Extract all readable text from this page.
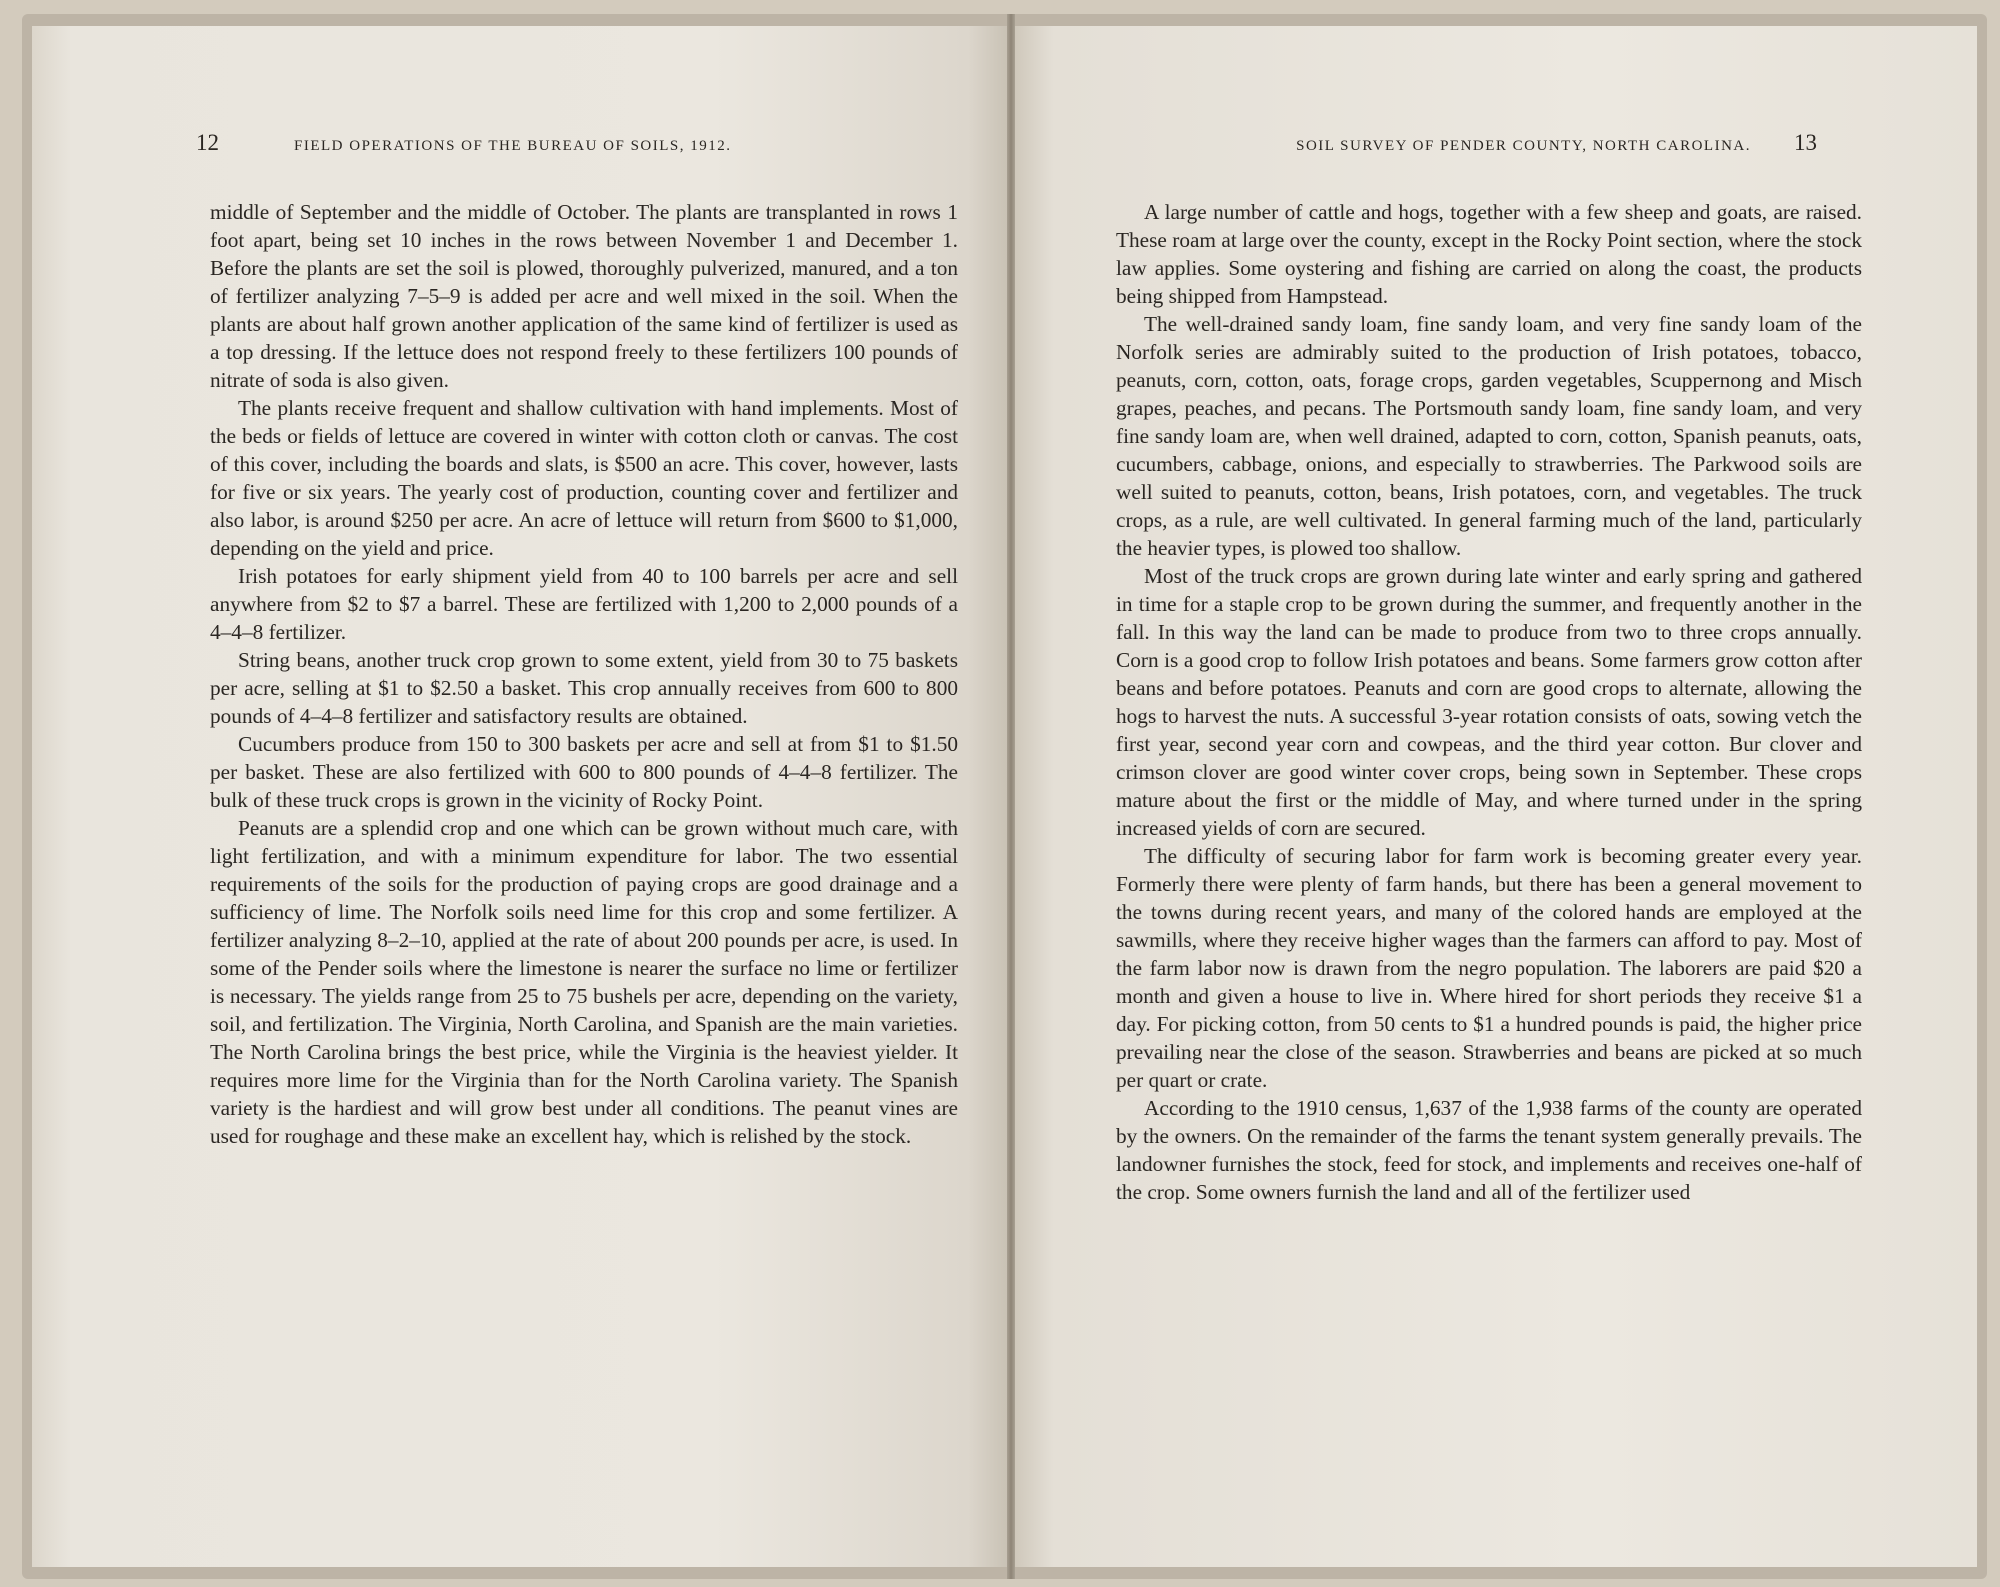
12	FIELD OPERATIONS OF THE BUREAU OF SOILS, 1912.

middle of September and the middle of October. The plants are transplanted in rows 1 foot apart, being set 10 inches in the rows between November 1 and December 1. Before the plants are set the soil is plowed, thoroughly pulverized, manured, and a ton of fertilizer analyzing 7–5–9 is added per acre and well mixed in the soil. When the plants are about half grown another application of the same kind of fertilizer is used as a top dressing. If the lettuce does not respond freely to these fertilizers 100 pounds of nitrate of soda is also given.

The plants receive frequent and shallow cultivation with hand implements. Most of the beds or fields of lettuce are covered in winter with cotton cloth or canvas. The cost of this cover, including the boards and slats, is $500 an acre. This cover, however, lasts for five or six years. The yearly cost of production, counting cover and fertilizer and also labor, is around $250 per acre. An acre of lettuce will return from $600 to $1,000, depending on the yield and price.

Irish potatoes for early shipment yield from 40 to 100 barrels per acre and sell anywhere from $2 to $7 a barrel. These are fertilized with 1,200 to 2,000 pounds of a 4–4–8 fertilizer.

String beans, another truck crop grown to some extent, yield from 30 to 75 baskets per acre, selling at $1 to $2.50 a basket. This crop annually receives from 600 to 800 pounds of 4–4–8 fertilizer and satisfactory results are obtained.

Cucumbers produce from 150 to 300 baskets per acre and sell at from $1 to $1.50 per basket. These are also fertilized with 600 to 800 pounds of 4–4–8 fertilizer. The bulk of these truck crops is grown in the vicinity of Rocky Point.

Peanuts are a splendid crop and one which can be grown without much care, with light fertilization, and with a minimum expenditure for labor. The two essential requirements of the soils for the production of paying crops are good drainage and a sufficiency of lime. The Norfolk soils need lime for this crop and some fertilizer. A fertilizer analyzing 8–2–10, applied at the rate of about 200 pounds per acre, is used. In some of the Pender soils where the limestone is nearer the surface no lime or fertilizer is necessary. The yields range from 25 to 75 bushels per acre, depending on the variety, soil, and fertilization. The Virginia, North Carolina, and Spanish are the main varieties. The North Carolina brings the best price, while the Virginia is the heaviest yielder. It requires more lime for the Virginia than for the North Carolina variety. The Spanish variety is the hardiest and will grow best under all conditions. The peanut vines are used for roughage and these make an excellent hay, which is relished by the stock.

SOIL SURVEY OF PENDER COUNTY, NORTH CAROLINA. 13

A large number of cattle and hogs, together with a few sheep and goats, are raised. These roam at large over the county, except in the Rocky Point section, where the stock law applies. Some oystering and fishing are carried on along the coast, the products being shipped from Hampstead.

The well-drained sandy loam, fine sandy loam, and very fine sandy loam of the Norfolk series are admirably suited to the production of Irish potatoes, tobacco, peanuts, corn, cotton, oats, forage crops, garden vegetables, Scuppernong and Misch grapes, peaches, and pecans. The Portsmouth sandy loam, fine sandy loam, and very fine sandy loam are, when well drained, adapted to corn, cotton, Spanish peanuts, oats, cucumbers, cabbage, onions, and especially to strawberries. The Parkwood soils are well suited to peanuts, cotton, beans, Irish potatoes, corn, and vegetables. The truck crops, as a rule, are well cultivated. In general farming much of the land, particularly the heavier types, is plowed too shallow.

Most of the truck crops are grown during late winter and early spring and gathered in time for a staple crop to be grown during the summer, and frequently another in the fall. In this way the land can be made to produce from two to three crops annually. Corn is a good crop to follow Irish potatoes and beans. Some farmers grow cotton after beans and before potatoes. Peanuts and corn are good crops to alternate, allowing the hogs to harvest the nuts. A successful 3-year rotation consists of oats, sowing vetch the first year, second year corn and cowpeas, and the third year cotton. Bur clover and crimson clover are good winter cover crops, being sown in September. These crops mature about the first or the middle of May, and where turned under in the spring increased yields of corn are secured.

The difficulty of securing labor for farm work is becoming greater every year. Formerly there were plenty of farm hands, but there has been a general movement to the towns during recent years, and many of the colored hands are employed at the sawmills, where they receive higher wages than the farmers can afford to pay. Most of the farm labor now is drawn from the negro population. The laborers are paid $20 a month and given a house to live in. Where hired for short periods they receive $1 a day. For picking cotton, from 50 cents to $1 a hundred pounds is paid, the higher price prevailing near the close of the season. Strawberries and beans are picked at so much per quart or crate.

According to the 1910 census, 1,637 of the 1,938 farms of the county are operated by the owners. On the remainder of the farms the tenant system generally prevails. The landowner furnishes the stock, feed for stock, and implements and receives one-half of the crop. Some owners furnish the land and all of the fertilizer used
